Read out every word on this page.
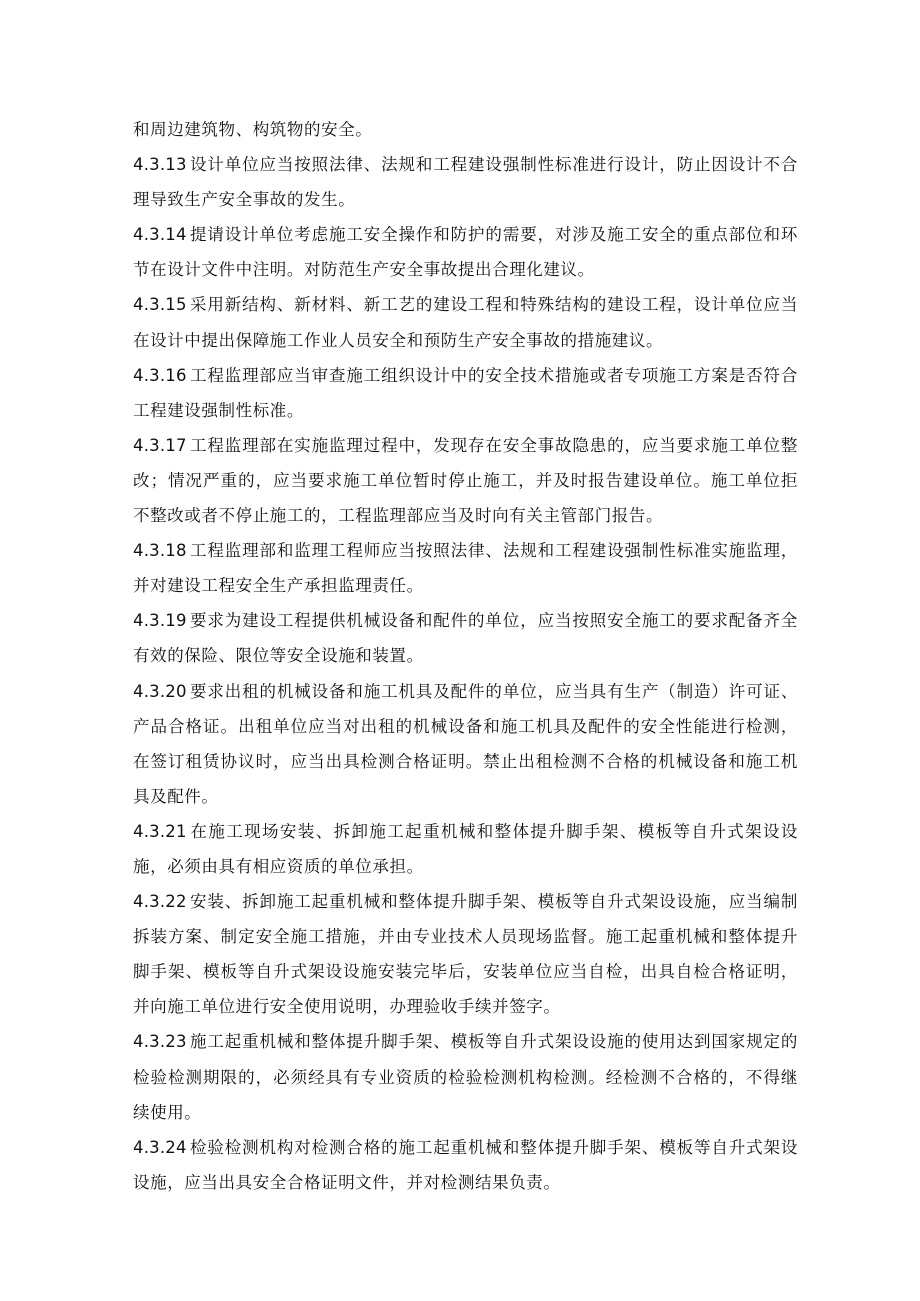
和周边建筑物、构筑物的安全。

4.3.13 设计单位应当按照法律、法规和工程建设强制性标准进行设计，防止因设计不合理导致生产安全事故的发生。

4.3.14 提请设计单位考虑施工安全操作和防护的需要，对涉及施工安全的重点部位和环节在设计文件中注明。对防范生产安全事故提出合理化建议。

4.3.15 采用新结构、新材料、新工艺的建设工程和特殊结构的建设工程，设计单位应当在设计中提出保障施工作业人员安全和预防生产安全事故的措施建议。

4.3.16 工程监理部应当审查施工组织设计中的安全技术措施或者专项施工方案是否符合工程建设强制性标准。

4.3.17 工程监理部在实施监理过程中，发现存在安全事故隐患的，应当要求施工单位整改；情况严重的，应当要求施工单位暂时停止施工，并及时报告建设单位。施工单位拒不整改或者不停止施工的，工程监理部应当及时向有关主管部门报告。

4.3.18 工程监理部和监理工程师应当按照法律、法规和工程建设强制性标准实施监理，并对建设工程安全生产承担监理责任。

4.3.19 要求为建设工程提供机械设备和配件的单位，应当按照安全施工的要求配备齐全有效的保险、限位等安全设施和装置。

4.3.20 要求出租的机械设备和施工机具及配件的单位，应当具有生产（制造）许可证、产品合格证。出租单位应当对出租的机械设备和施工机具及配件的安全性能进行检测，在签订租赁协议时，应当出具检测合格证明。禁止出租检测不合格的机械设备和施工机具及配件。

4.3.21 在施工现场安装、拆卸施工起重机械和整体提升脚手架、模板等自升式架设设施，必须由具有相应资质的单位承担。

4.3.22 安装、拆卸施工起重机械和整体提升脚手架、模板等自升式架设设施，应当编制拆装方案、制定安全施工措施，并由专业技术人员现场监督。施工起重机械和整体提升脚手架、模板等自升式架设设施安装完毕后，安装单位应当自检，出具自检合格证明，并向施工单位进行安全使用说明，办理验收手续并签字。

4.3.23 施工起重机械和整体提升脚手架、模板等自升式架设设施的使用达到国家规定的检验检测期限的，必须经具有专业资质的检验检测机构检测。经检测不合格的，不得继续使用。

4.3.24 检验检测机构对检测合格的施工起重机械和整体提升脚手架、模板等自升式架设设施，应当出具安全合格证明文件，并对检测结果负责。
